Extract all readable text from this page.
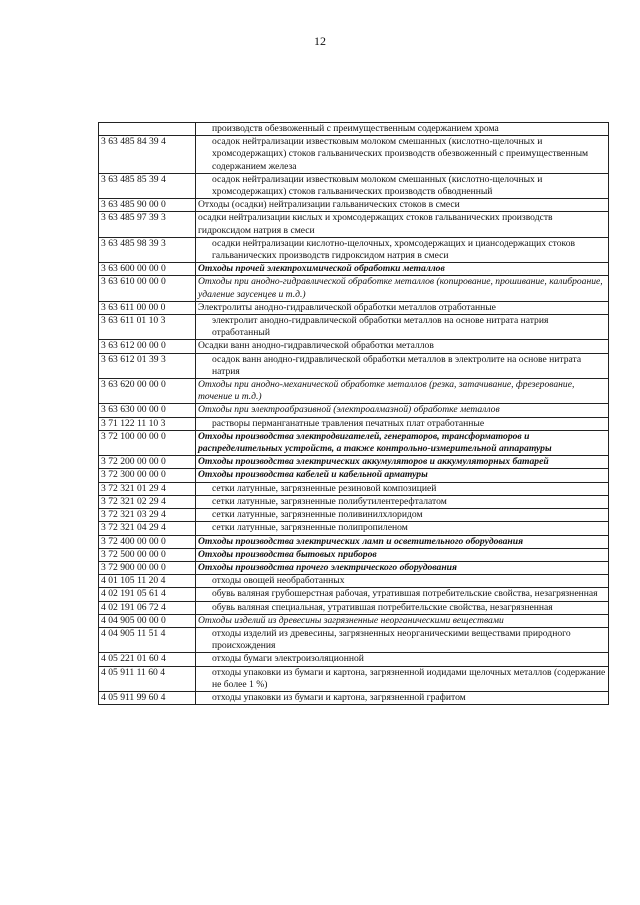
12
	производств обезвоженный с преимущественным содержанием хрома
3 63 485 84 39 4	осадок нейтрализации известковым молоком смешанных (кислотно-щелочных и хромсодержащих) стоков гальванических производств обезвоженный с преимущественным содержанием железа
3 63 485 85 39 4	осадок нейтрализации известковым молоком смешанных (кислотно-щелочных и хромсодержащих) стоков гальванических производств обводненный
3 63 485 90 00 0	Отходы (осадки) нейтрализации гальванических стоков в смеси
3 63 485 97 39 3	осадки нейтрализации кислых и хромсодержащих стоков гальванических производств гидроксидом натрия в смеси
3 63 485 98 39 3	осадки нейтрализации кислотно-щелочных, хромсодержащих и циансодержащих стоков гальванических производств гидроксидом натрия в смеси
3 63 600 00 00 0	Отходы прочей электрохимической обработки металлов
3 63 610 00 00 0	Отходы при анодно-гидравлической обработке металлов (копирование, прошивание, калиброание, удаление заусенцев и т.д.)
3 63 611 00 00 0	Электролиты анодно-гидравлической обработки металлов отработанные
3 63 611 01 10 3	электролит анодно-гидравлической обработки металлов на основе нитрата натрия отработанный
3 63 612 00 00 0	Осадки ванн анодно-гидравлической обработки металлов
3 63 612 01 39 3	осадок ванн анодно-гидравлической обработки металлов в электролите на основе нитрата натрия
3 63 620 00 00 0	Отходы при анодно-механической обработке металлов (резка, затачивание, фрезерование, точение и т.д.)
3 63 630 00 00 0	Отходы при электроабразивной (электроалмазной) обработке металлов
3 71 122 11 10 3	растворы перманганатные травления печатных плат отработанные
3 72 100 00 00 0	Отходы производства электродвигателей, генераторов, трансформаторов и распределительных устройств, а также контрольно-измерительной аппаратуры
3 72 200 00 00 0	Отходы производства электрических аккумуляторов и аккумуляторных батарей
3 72 300 00 00 0	Отходы производства кабелей и кабельной арматуры
3 72 321 01 29 4	сетки латунные, загрязненные резиновой композицией
3 72 321 02 29 4	сетки латунные, загрязненные полибутилентерефталатом
3 72 321 03 29 4	сетки латунные, загрязненные поливинилхлоридом
3 72 321 04 29 4	сетки латунные, загрязненные полипропиленом
3 72 400 00 00 0	Отходы производства электрических ламп и осветительного оборудования
3 72 500 00 00 0	Отходы производства бытовых приборов
3 72 900 00 00 0	Отходы производства прочего электрического оборудования
4 01 105 11 20 4	отходы овощей необработанных
4 02 191 05 61 4	обувь валяная грубошерстная рабочая, утратившая потребительские свойства, незагрязненная
4 02 191 06 72 4	обувь валяная специальная, утратившая потребительские свойства, незагрязненная
4 04 905 00 00 0	Отходы изделий из древесины загрязненные неорганическими веществами
4 04 905 11 51 4	отходы изделий из древесины, загрязненных неорганическими веществами природного происхождения
4 05 221 01 60 4	отходы бумаги электроизоляционной
4 05 911 11 60 4	отходы упаковки из бумаги и картона, загрязненной иодидами щелочных металлов (содержание не более 1 %)
4 05 911 99 60 4	отходы упаковки из бумаги и картона, загрязненной графитом
